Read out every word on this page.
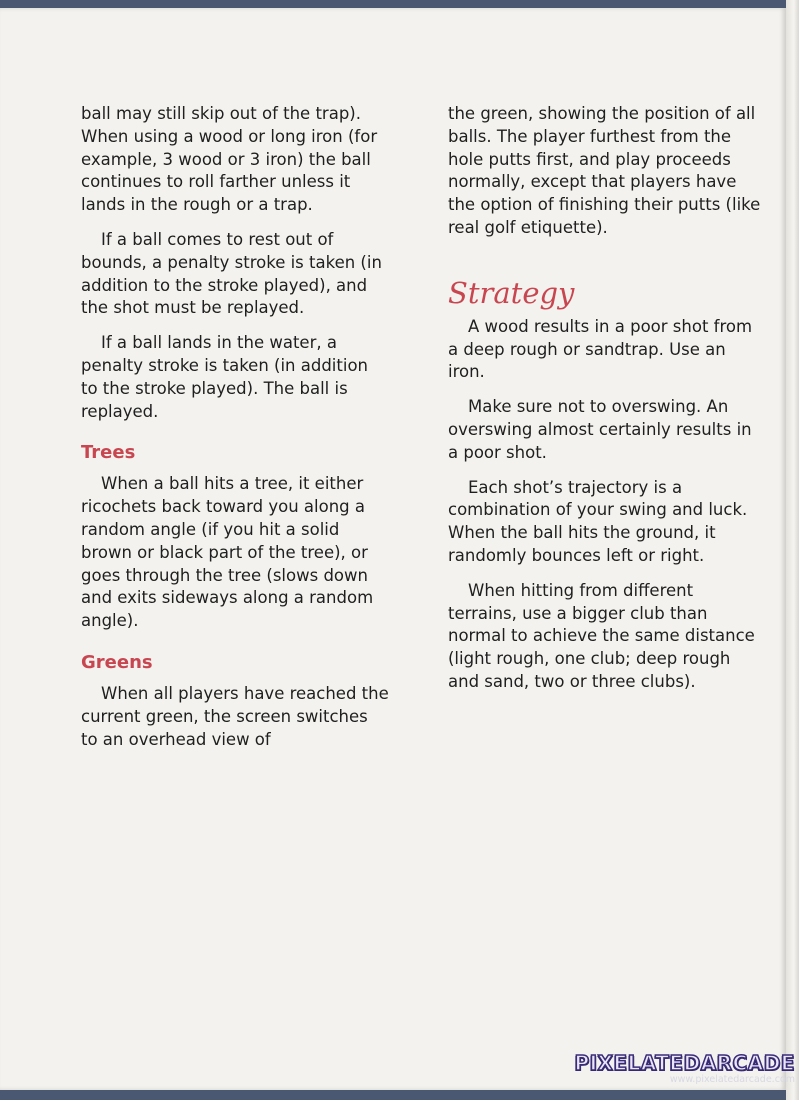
ball may still skip out of the trap). When using a wood or long iron (for example, 3 wood or 3 iron) the ball continues to roll farther unless it lands in the rough or a trap.

If a ball comes to rest out of bounds, a penalty stroke is taken (in addition to the stroke played), and the shot must be replayed.

If a ball lands in the water, a penalty stroke is taken (in addition to the stroke played). The ball is replayed.

Trees

When a ball hits a tree, it either ricochets back toward you along a random angle (if you hit a solid brown or black part of the tree), or goes through the tree (slows down and exits sideways along a random angle).

Greens

When all players have reached the current green, the screen switches to an overhead view of

the green, showing the position of all balls. The player furthest from the hole putts first, and play proceeds normally, except that players have the option of finishing their putts (like real golf etiquette).

Strategy

A wood results in a poor shot from a deep rough or sandtrap. Use an iron.

Make sure not to overswing. An overswing almost certainly results in a poor shot.

Each shot’s trajectory is a combination of your swing and luck. When the ball hits the ground, it randomly bounces left or right.

When hitting from different terrains, use a bigger club than normal to achieve the same distance (light rough, one club; deep rough and sand, two or three clubs).

PIXELATEDARCADE
www.pixelatedarcade.com
